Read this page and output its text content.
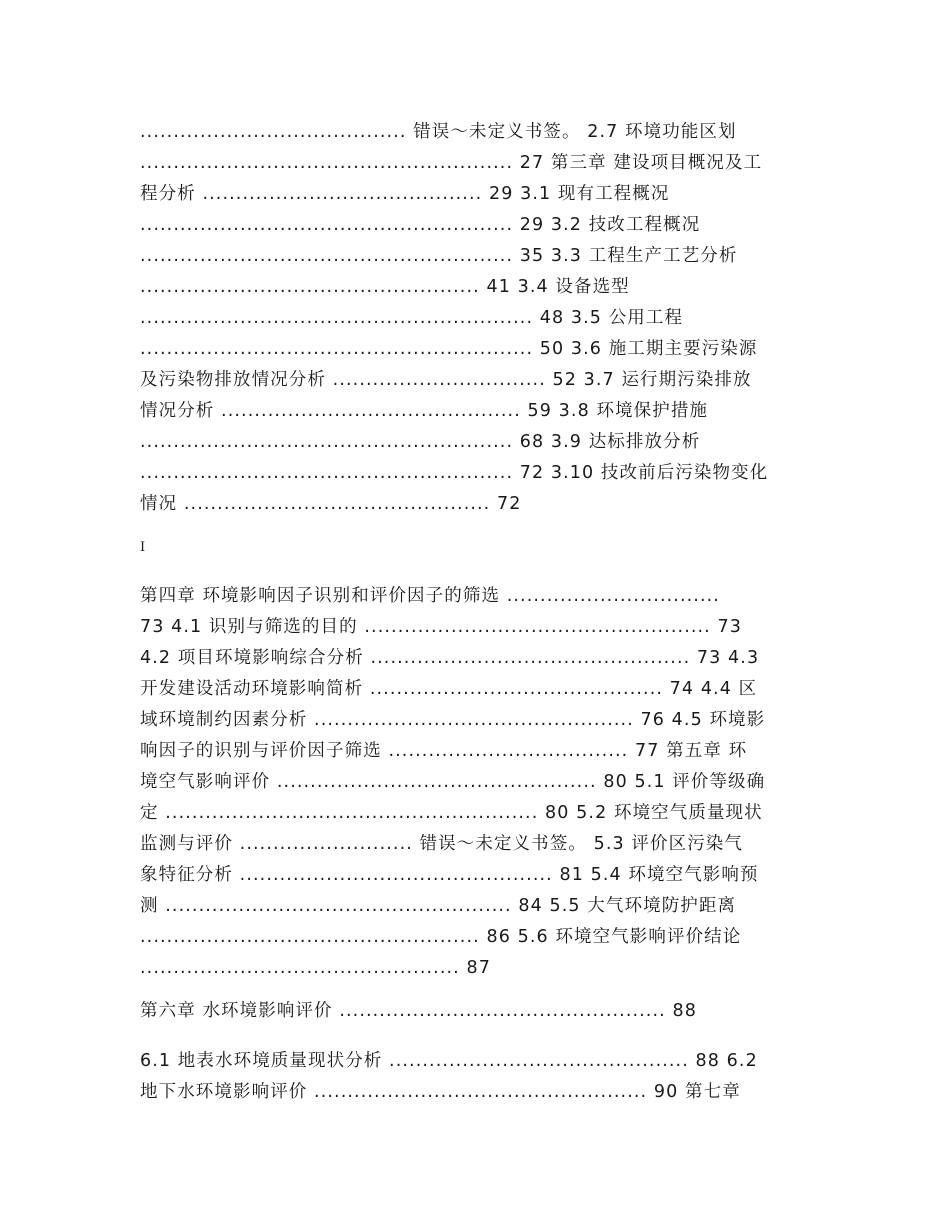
........................................ 错误～未定义书签。 2.7 环境功能区划
........................................................ 27 第三章 建设项目概况及工
程分析 .......................................... 29 3.1 现有工程概况
........................................................ 29 3.2 技改工程概况
........................................................ 35 3.3 工程生产工艺分析
................................................... 41 3.4 设备选型
........................................................... 48 3.5 公用工程
........................................................... 50 3.6 施工期主要污染源
及污染物排放情况分析 ................................ 52 3.7 运行期污染排放
情况分析 ............................................. 59 3.8 环境保护措施
........................................................ 68 3.9 达标排放分析
........................................................ 72 3.10 技改前后污染物变化
情况 .............................................. 72
I
第四章 环境影响因子识别和评价因子的筛选 ................................
73 4.1 识别与筛选的目的 .................................................... 73
4.2 项目环境影响综合分析 ................................................ 73 4.3
开发建设活动环境影响简析 ............................................ 74 4.4 区
域环境制约因素分析 ................................................ 76 4.5 环境影
响因子的识别与评价因子筛选 .................................... 77 第五章 环
境空气影响评价 ................................................ 80 5.1 评价等级确
定 ........................................................ 80 5.2 环境空气质量现状
监测与评价 .......................... 错误～未定义书签。 5.3 评价区污染气
象特征分析 ............................................... 81 5.4 环境空气影响预
测 .................................................... 84 5.5 大气环境防护距离
................................................... 86 5.6 环境空气影响评价结论
................................................ 87
第六章 水环境影响评价 ................................................. 88
6.1 地表水环境质量现状分析 ............................................. 88 6.2
地下水环境影响评价 .................................................. 90 第七章
